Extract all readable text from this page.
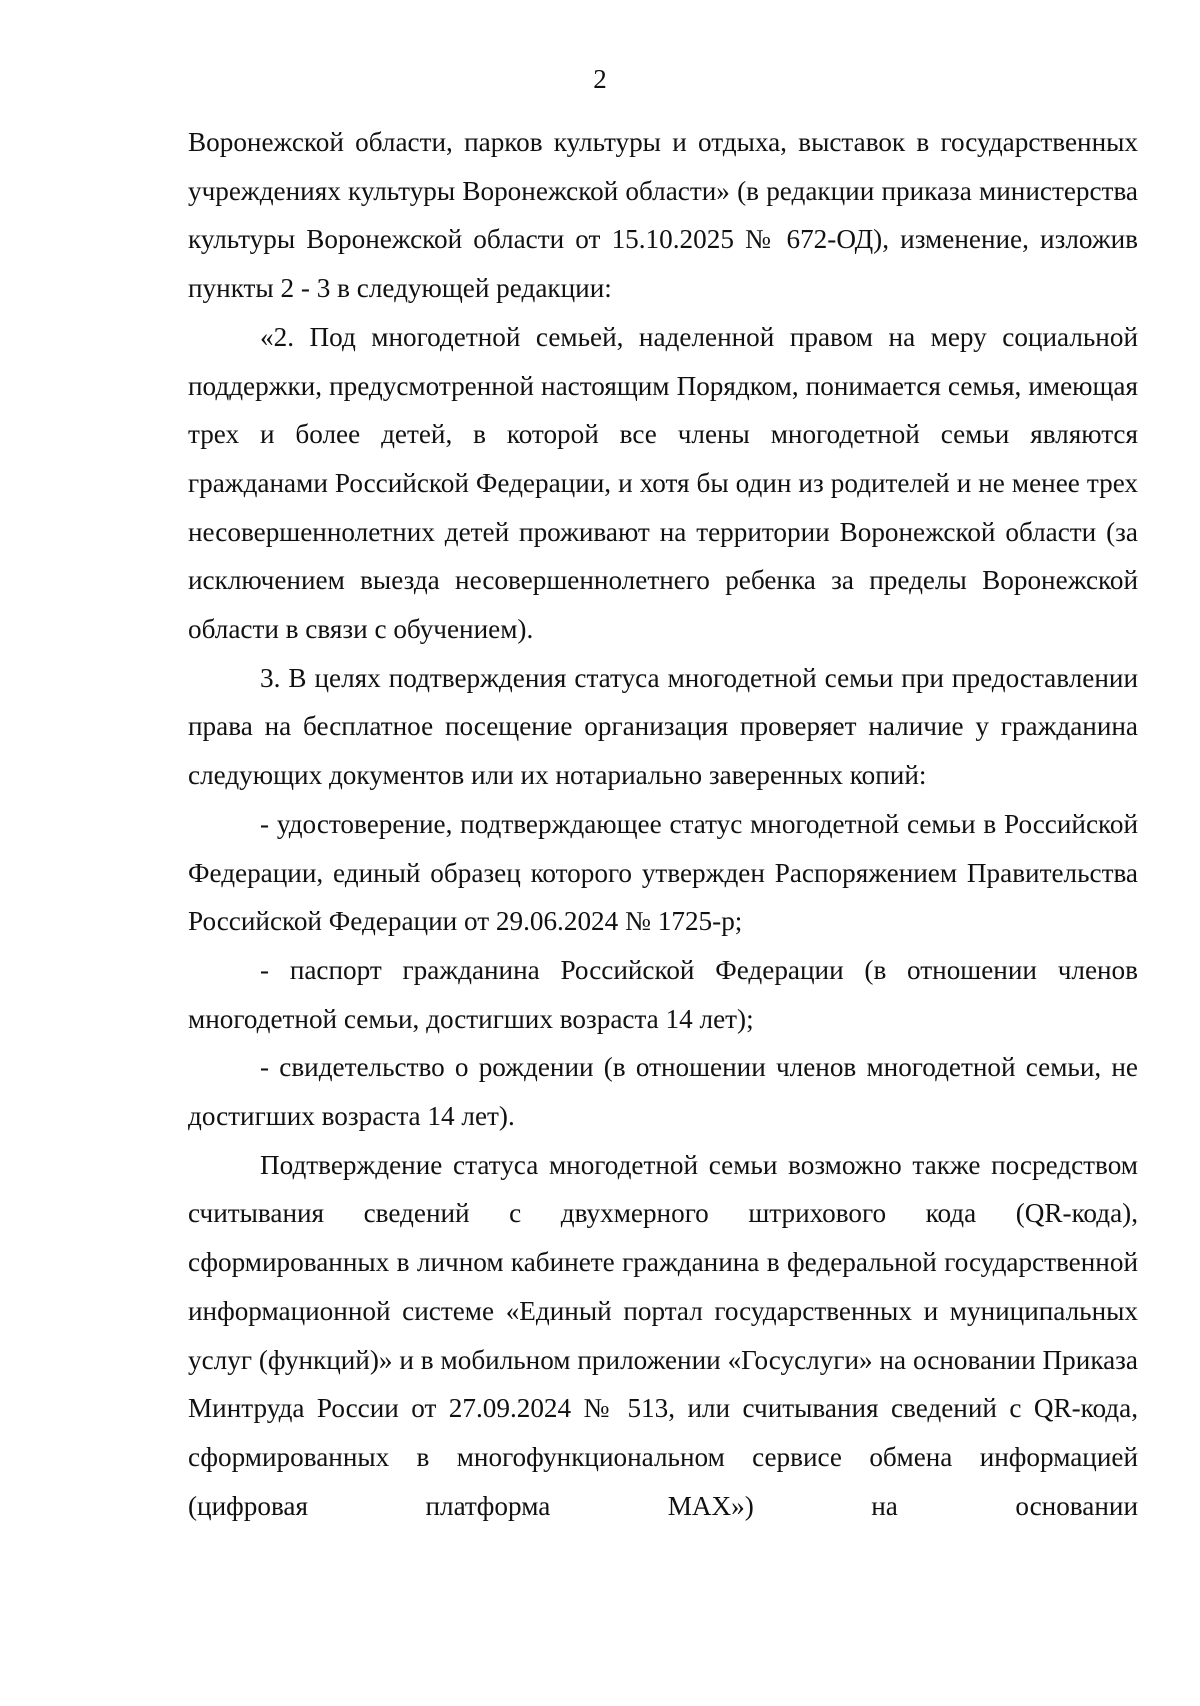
2

Воронежской области, парков культуры и отдыха, выставок в государственных учреждениях культуры Воронежской области» (в редакции приказа министерства культуры Воронежской области от 15.10.2025 № 672-ОД), изменение, изложив пункты 2 - 3 в следующей редакции:

«2. Под многодетной семьей, наделенной правом на меру социальной поддержки, предусмотренной настоящим Порядком, понимается семья, имеющая трех и более детей, в которой все члены многодетной семьи являются гражданами Российской Федерации, и хотя бы один из родителей и не менее трех несовершеннолетних детей проживают на территории Воронежской области (за исключением выезда несовершеннолетнего ребенка за пределы Воронежской области в связи с обучением).

3. В целях подтверждения статуса многодетной семьи при предоставлении права на бесплатное посещение организация проверяет наличие у гражданина следующих документов или их нотариально заверенных копий:

- удостоверение, подтверждающее статус многодетной семьи в Российской Федерации, единый образец которого утвержден Распоряжением Правительства Российской Федерации от 29.06.2024 № 1725-р;

- паспорт гражданина Российской Федерации (в отношении членов многодетной семьи, достигших возраста 14 лет);

- свидетельство о рождении (в отношении членов многодетной семьи, не достигших возраста 14 лет).

Подтверждение статуса многодетной семьи возможно также посредством считывания сведений с двухмерного штрихового кода (QR-кода), сформированных в личном кабинете гражданина в федеральной государственной информационной системе «Единый портал государственных и муниципальных услуг (функций)» и в мобильном приложении «Госуслуги» на основании Приказа Минтруда России от 27.09.2024 № 513, или считывания сведений с QR-кода, сформированных в многофункциональном сервисе обмена информацией (цифровая платформа MAX») на основании
